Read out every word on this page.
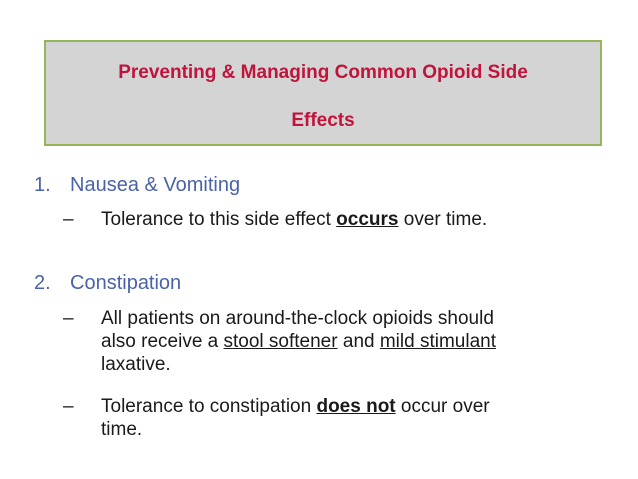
Preventing & Managing Common Opioid Side
Effects
1. Nausea & Vomiting
– Tolerance to this side effect occurs over time.
2. Constipation
– All patients on around-the-clock opioids should
also receive a stool softener and mild stimulant
laxative.
– Tolerance to constipation does not occur over
time.
